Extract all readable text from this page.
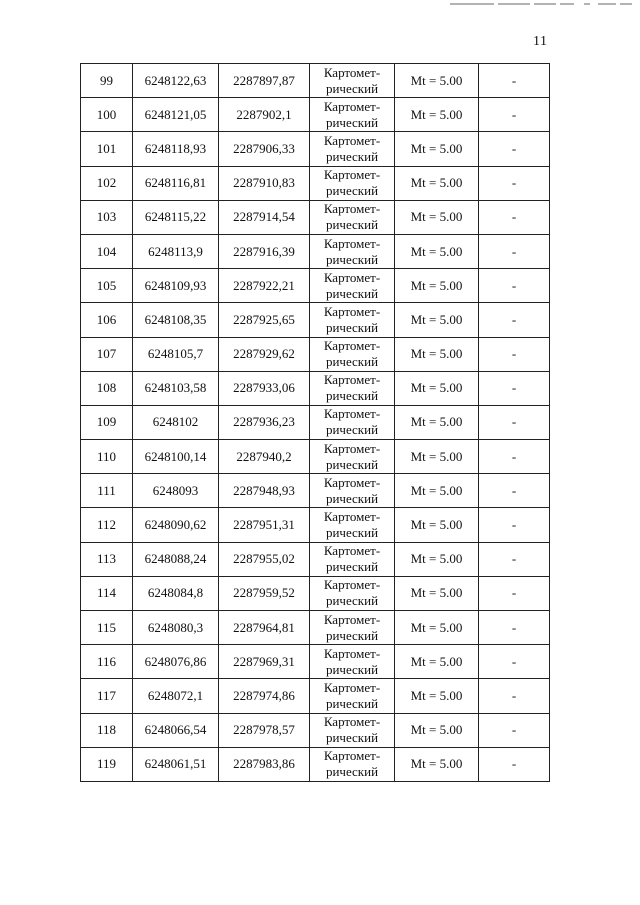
11
99	6248122,63	2287897,87	Картомет-
рический	Mt = 5.00	-
100	6248121,05	2287902,1	Картомет-
рический	Mt = 5.00	-
101	6248118,93	2287906,33	Картомет-
рический	Mt = 5.00	-
102	6248116,81	2287910,83	Картомет-
рический	Mt = 5.00	-
103	6248115,22	2287914,54	Картомет-
рический	Mt = 5.00	-
104	6248113,9	2287916,39	Картомет-
рический	Mt = 5.00	-
105	6248109,93	2287922,21	Картомет-
рический	Mt = 5.00	-
106	6248108,35	2287925,65	Картомет-
рический	Mt = 5.00	-
107	6248105,7	2287929,62	Картомет-
рический	Mt = 5.00	-
108	6248103,58	2287933,06	Картомет-
рический	Mt = 5.00	-
109	6248102	2287936,23	Картомет-
рический	Mt = 5.00	-
110	6248100,14	2287940,2	Картомет-
рический	Mt = 5.00	-
111	6248093	2287948,93	Картомет-
рический	Mt = 5.00	-
112	6248090,62	2287951,31	Картомет-
рический	Mt = 5.00	-
113	6248088,24	2287955,02	Картомет-
рический	Mt = 5.00	-
114	6248084,8	2287959,52	Картомет-
рический	Mt = 5.00	-
115	6248080,3	2287964,81	Картомет-
рический	Mt = 5.00	-
116	6248076,86	2287969,31	Картомет-
рический	Mt = 5.00	-
117	6248072,1	2287974,86	Картомет-
рический	Mt = 5.00	-
118	6248066,54	2287978,57	Картомет-
рический	Mt = 5.00	-
119	6248061,51	2287983,86	Картомет-
рический	Mt = 5.00	-
